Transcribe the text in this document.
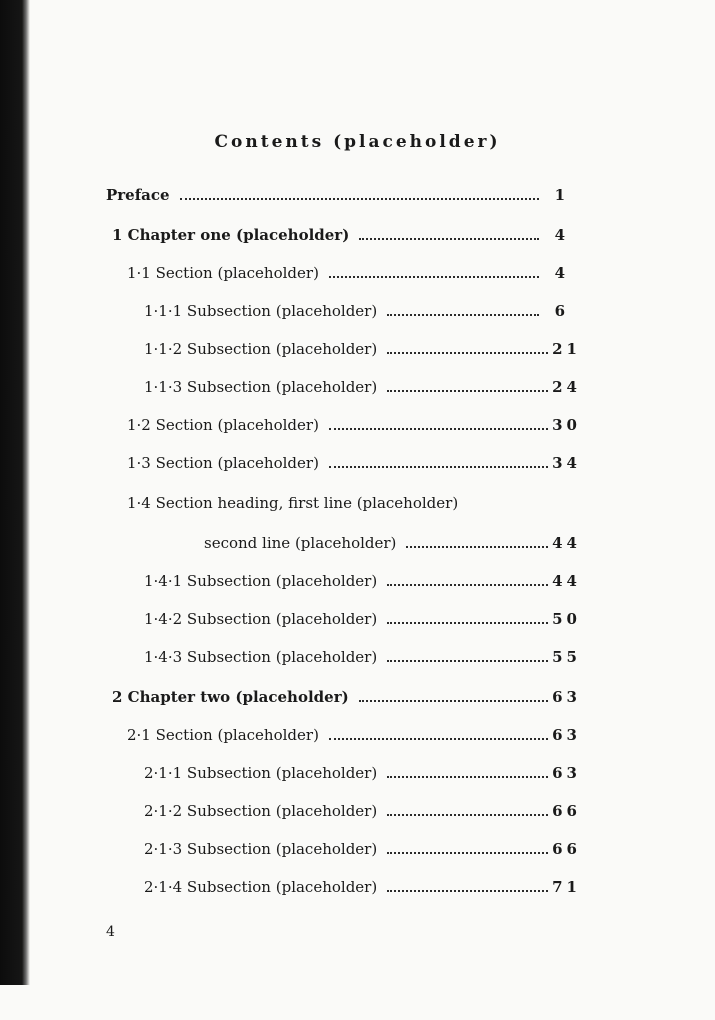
Contents (placeholder)
Preface	1
1 Chapter one (placeholder)	4
1·1 Section (placeholder)	4
1·1·1 Subsection (placeholder)	6
1·1·2 Subsection (placeholder)	21
1·1·3 Subsection (placeholder)	24
1·2 Section (placeholder)	30
1·3 Section (placeholder)	34
1·4 Section heading, first line (placeholder)
second line (placeholder)	44
1·4·1 Subsection (placeholder)	44
1·4·2 Subsection (placeholder)	50
1·4·3 Subsection (placeholder)	55
2 Chapter two (placeholder)	63
2·1 Section (placeholder)	63
2·1·1 Subsection (placeholder)	63
2·1·2 Subsection (placeholder)	66
2·1·3 Subsection (placeholder)	66
2·1·4 Subsection (placeholder)	71
4
